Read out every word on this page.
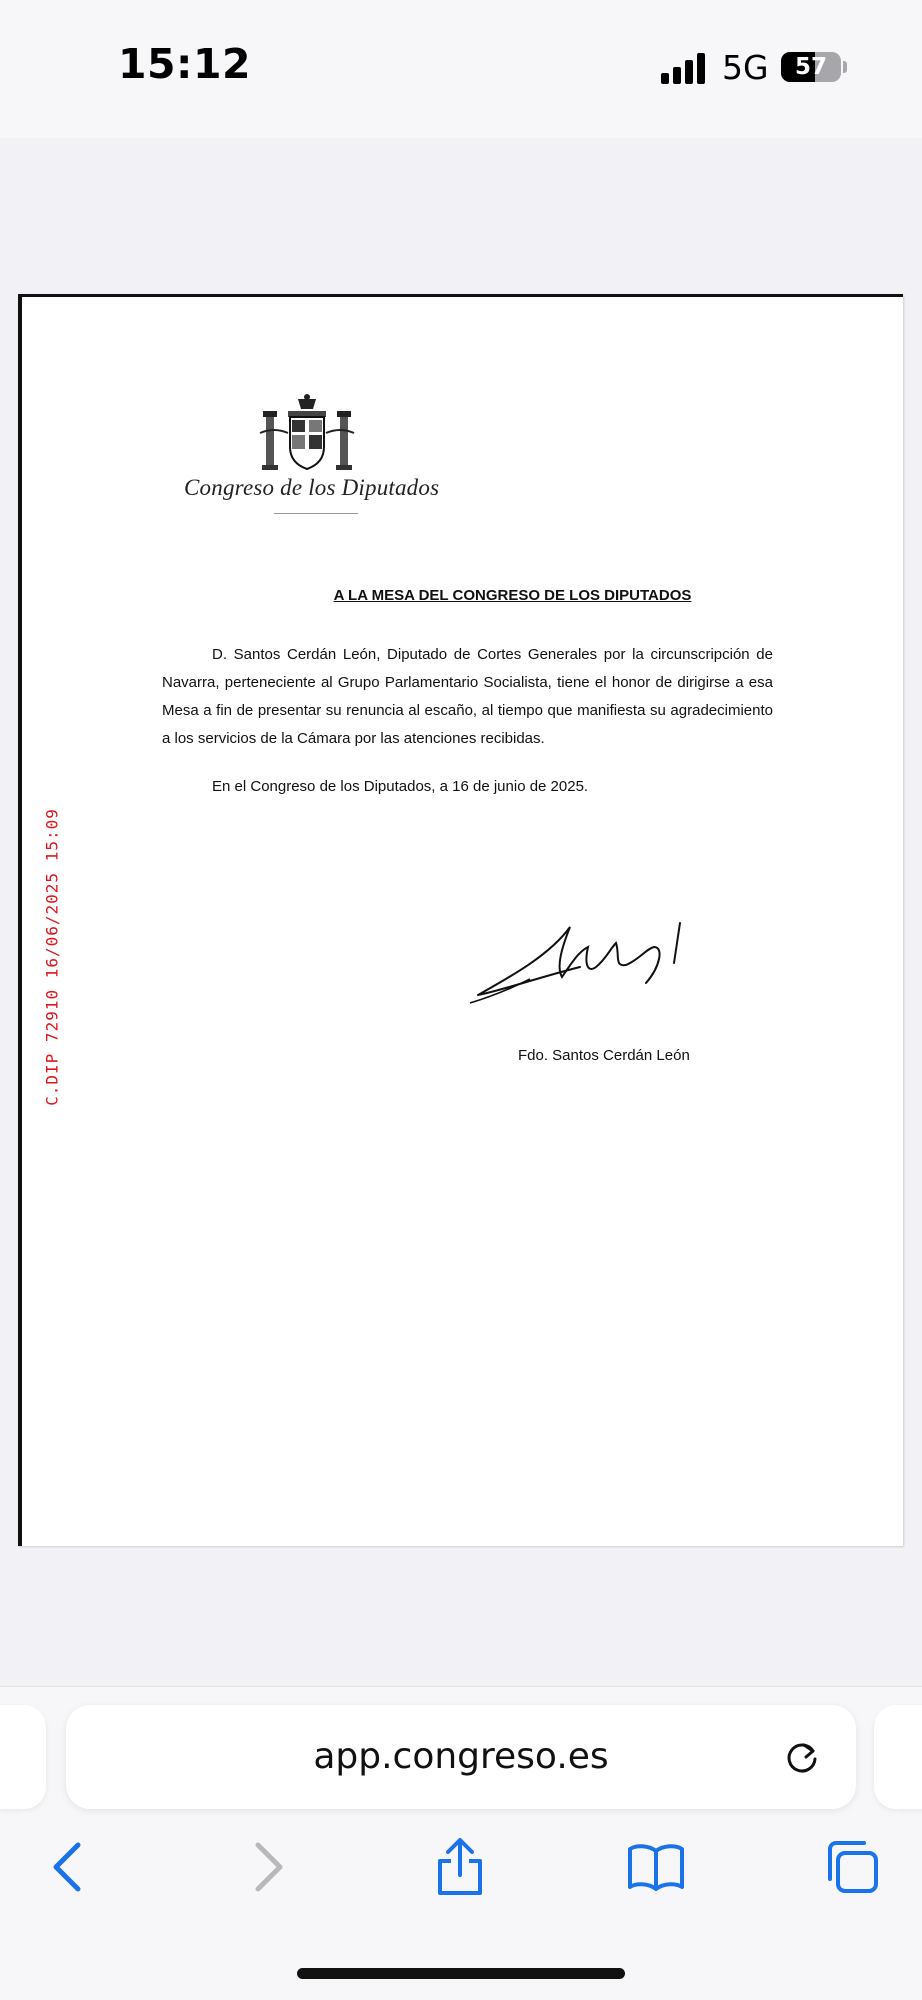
15:12	5G	57
Congreso de los Diputados
A LA MESA DEL CONGRESO DE LOS DIPUTADOS
D. Santos Cerdán León, Diputado de Cortes Generales por la circunscripción de Navarra, perteneciente al Grupo Parlamentario Socialista, tiene el honor de dirigirse a esa Mesa a fin de presentar su renuncia al escaño, al tiempo que manifiesta su agradecimiento a los servicios de la Cámara por las atenciones recibidas.
En el Congreso de los Diputados, a 16 de junio de 2025.
Fdo. Santos Cerdán León
C.DIP 72910 16/06/2025 15:09
app.congreso.es
